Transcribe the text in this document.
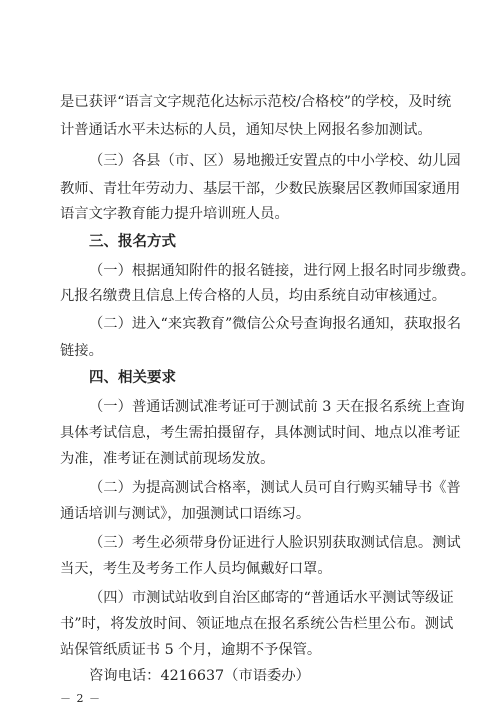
是已获评“语言文字规范化达标示范校/合格校”的学校，及时统
计普通话水平未达标的人员，通知尽快上网报名参加测试。
（三）各县（市、区）易地搬迁安置点的中小学校、幼儿园
教师、青壮年劳动力、基层干部，少数民族聚居区教师国家通用
语言文字教育能力提升培训班人员。
三、报名方式
（一）根据通知附件的报名链接，进行网上报名时同步缴费。
凡报名缴费且信息上传合格的人员，均由系统自动审核通过。
（二）进入“来宾教育”微信公众号查询报名通知，获取报名
链接。
四、相关要求
（一）普通话测试准考证可于测试前 3 天在报名系统上查询
具体考试信息，考生需拍摄留存，具体测试时间、地点以准考证
为准，准考证在测试前现场发放。
（二）为提高测试合格率，测试人员可自行购买辅导书《普
通话培训与测试》，加强测试口语练习。
（三）考生必须带身份证进行人脸识别获取测试信息。测试
当天，考生及考务工作人员均佩戴好口罩。
－ 2 －
（四）市测试站收到自治区邮寄的“普通话水平测试等级证
书”时，将发放时间、领证地点在报名系统公告栏里公布。测试
站保管纸质证书 5 个月，逾期不予保管。
咨询电话：4216637（市语委办）
